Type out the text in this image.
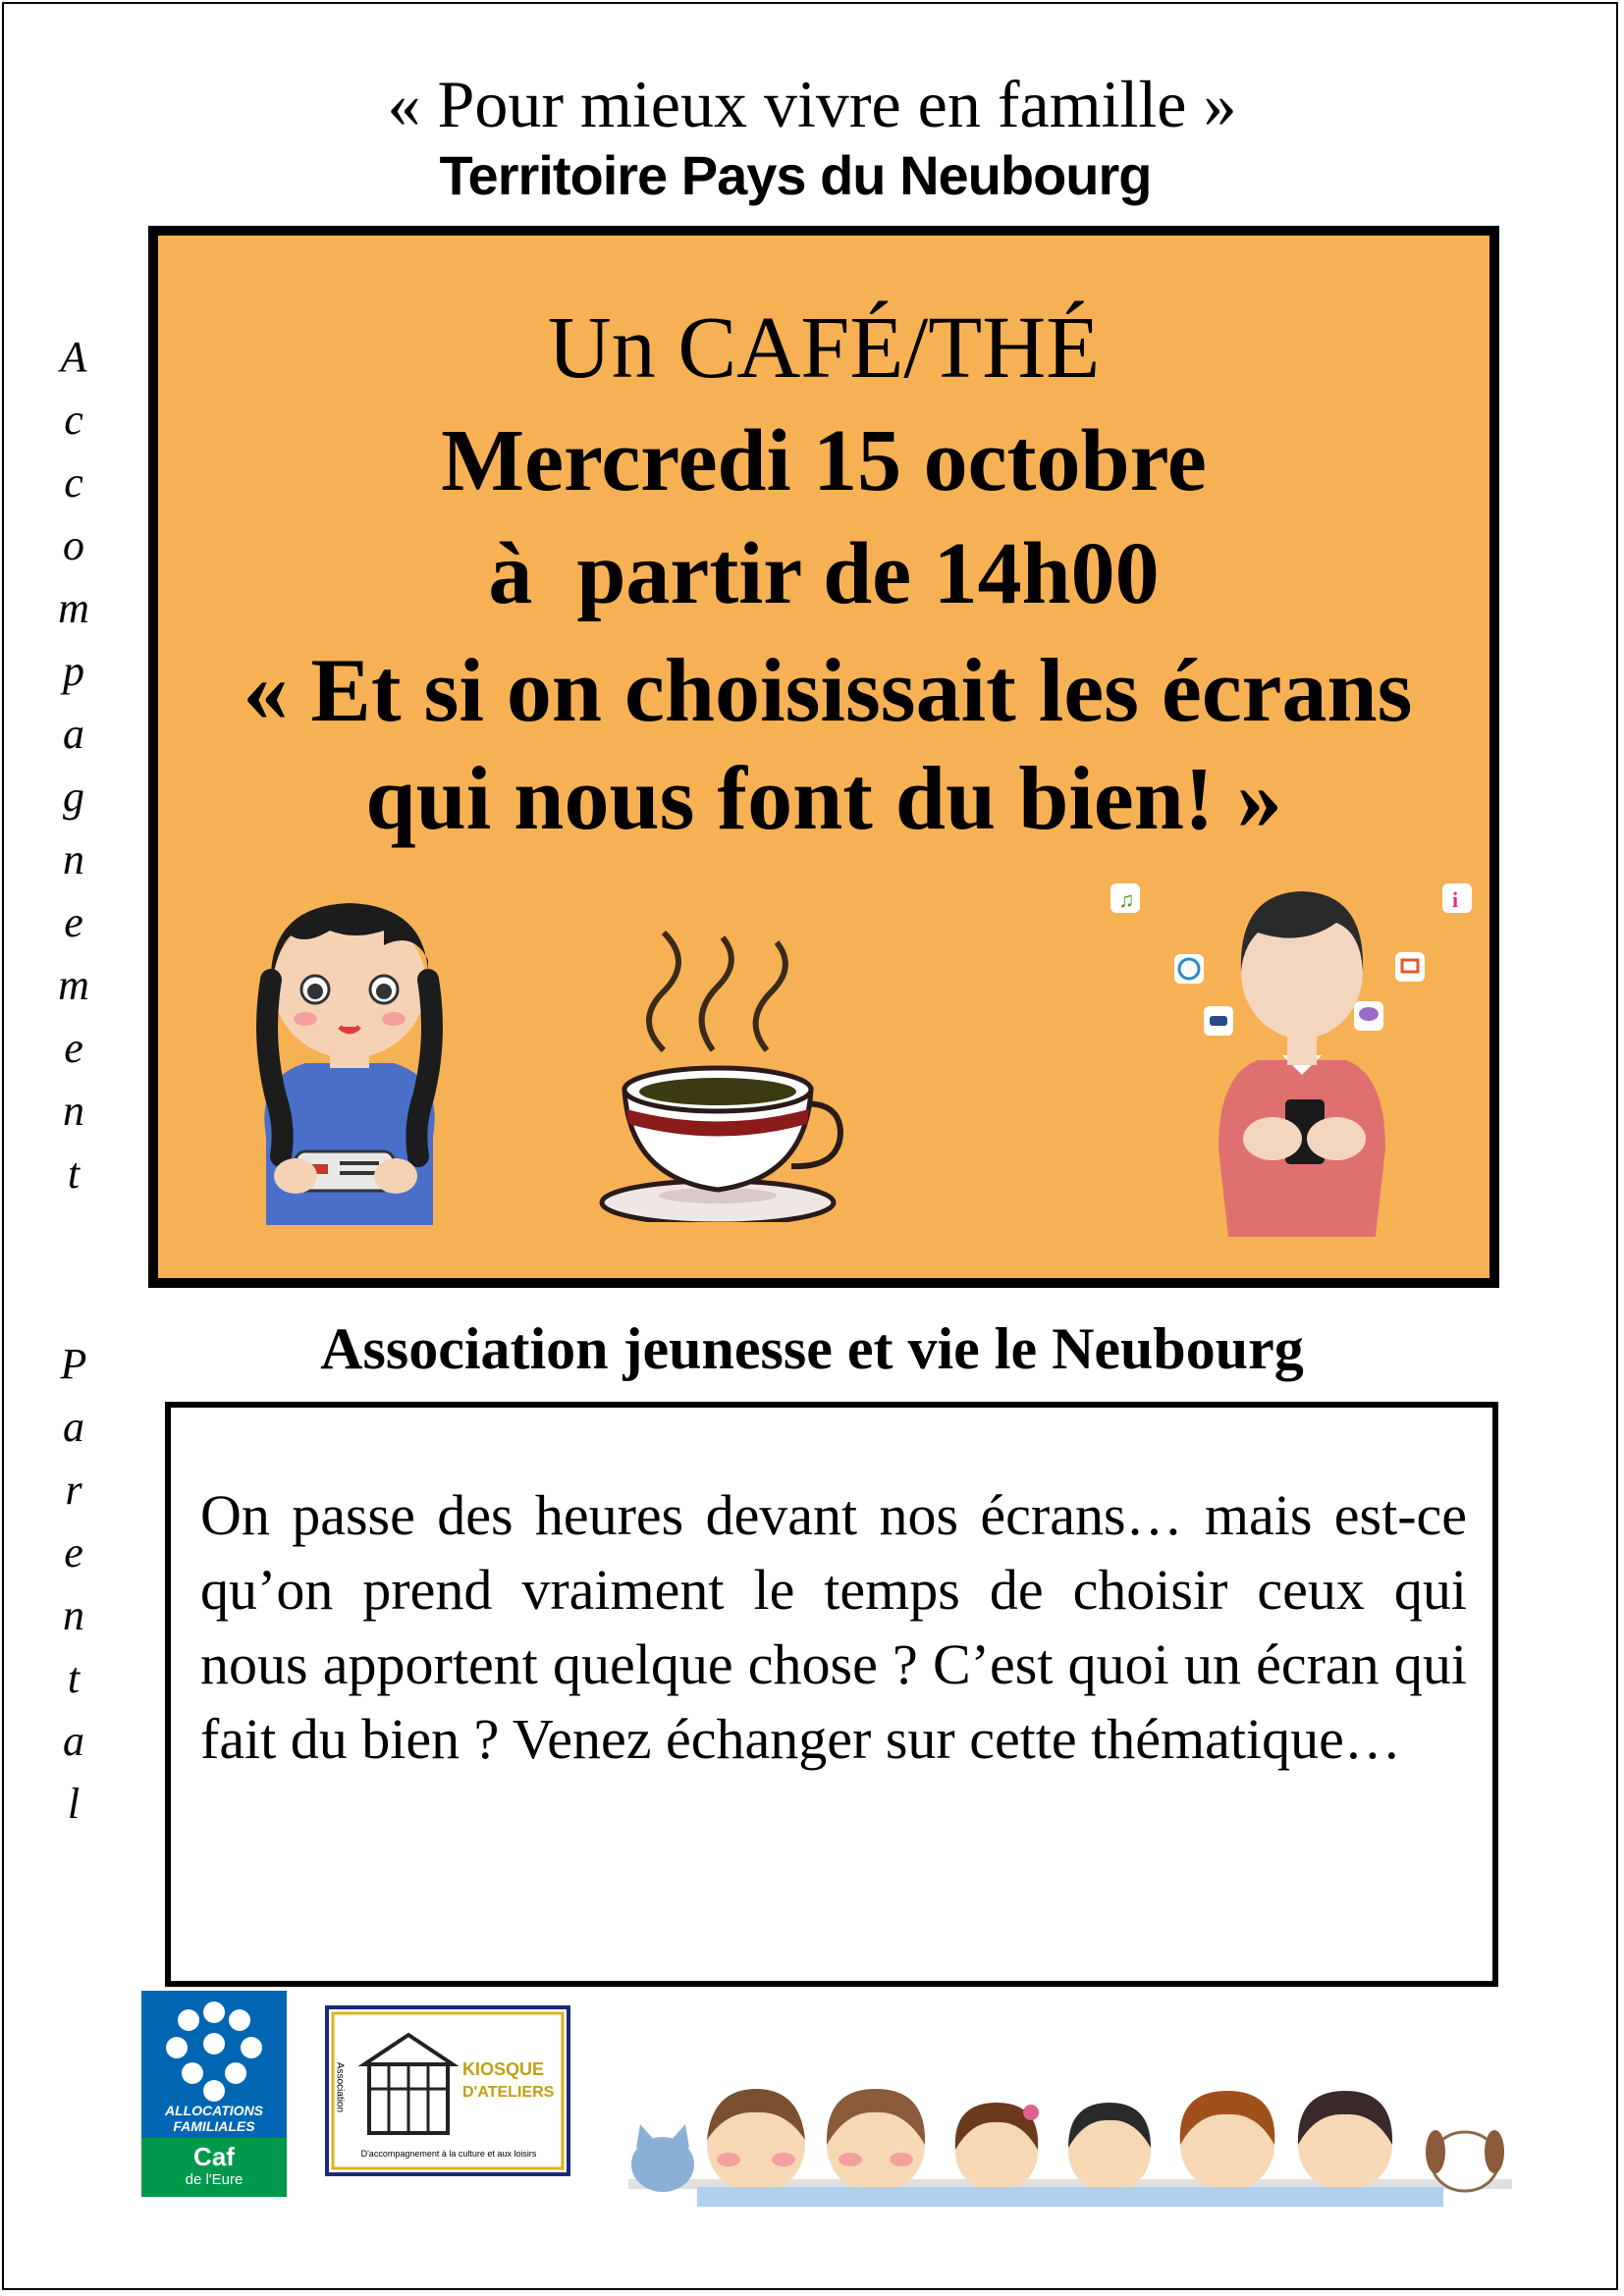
« Pour mieux vivre en famille »
Territoire Pays du Neubourg
A
c
c
o
m
p
a
g
n
e
m
e
n
t
P
a
r
e
n
t
a
l
Un CAFÉ/THÉ
Mercredi 15 octobre
à  partir de 14h00
« Et si on choisissait les écrans
qui nous font du bien! »
♫	i
Association jeunesse et vie le Neubourg

On passe des heures devant nos écrans… mais est-ce qu’on prend vraiment le temps de choisir ceux qui nous apportent quelque chose ? C’est quoi un écran qui fait du bien ? Venez échanger sur cette thématique…

ALLOCATIONS
FAMILIALES
Caf
de l'Eure
Association	KIOSQUE
D'ATELIERS
D'accompagnement à la culture et aux loisirs
